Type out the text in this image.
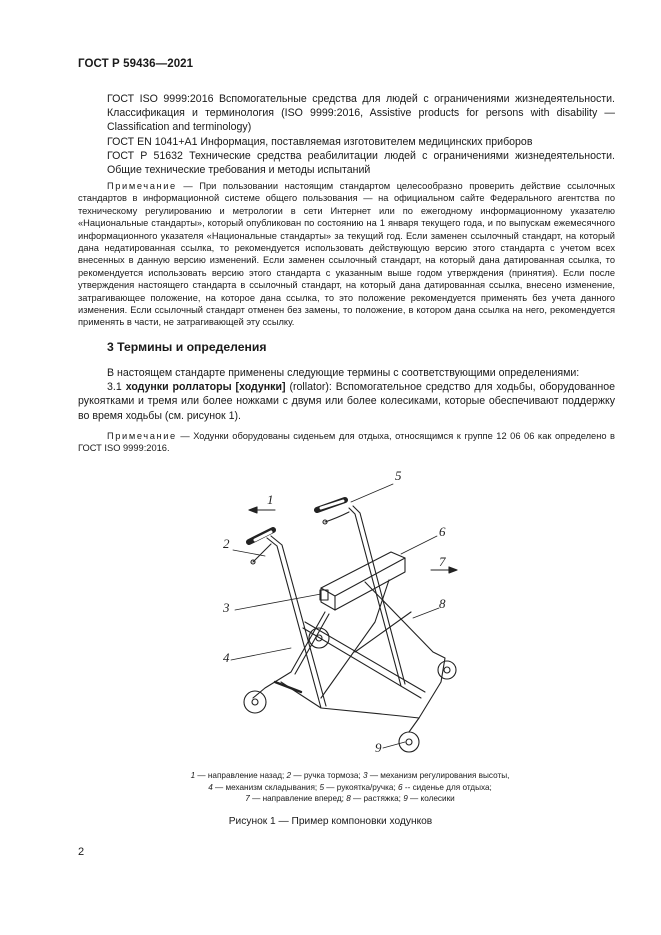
ГОСТ Р 59436—2021

ГОСТ ISO 9999:2016 Вспомогательные средства для людей с ограничениями жизнедеятельности. Классификация и терминология (ISO 9999:2016, Assistive products for persons with disability — Classification and terminology)

ГОСТ EN 1041+A1 Информация, поставляемая изготовителем медицинских приборов

ГОСТ Р 51632 Технические средства реабилитации людей с ограничениями жизнедеятельности. Общие технические требования и методы испытаний

Примечание — При пользовании настоящим стандартом целесообразно проверить действие ссылочных стандартов в информационной системе общего пользования — на официальном сайте Федерального агентства по техническому регулированию и метрологии в сети Интернет или по ежегодному информационному указателю «Национальные стандарты», который опубликован по состоянию на 1 января текущего года, и по выпускам ежемесячного информационного указателя «Национальные стандарты» за текущий год. Если заменен ссылочный стандарт, на который дана недатированная ссылка, то рекомендуется использовать действующую версию этого стандарта с учетом всех внесенных в данную версию изменений. Если заменен ссылочный стандарт, на который дана датированная ссылка, то рекомендуется использовать версию этого стандарта с указанным выше годом утверждения (принятия). Если после утверждения настоящего стандарта в ссылочный стандарт, на который дана датированная ссылка, внесено изменение, затрагивающее положение, на которое дана ссылка, то это положение рекомендуется применять без учета данного изменения. Если ссылочный стандарт отменен без замены, то положение, в котором дана ссылка на него, рекомендуется применять в части, не затрагивающей эту ссылку.
3 Термины и определения

В настоящем стандарте применены следующие термины с соответствующими определениями:

3.1 ходунки роллаторы [ходунки] (rollator): Вспомогательное средство для ходьбы, оборудованное рукоятками и тремя или более ножками с двумя или более колесиками, которые обеспечивают поддержку во время ходьбы (см. рисунок 1).

Примечание — Ходунки оборудованы сиденьем для отдыха, относящимся к группе 12 06 06 как определено в ГОСТ ISO 9999:2016.
1
2
3
4
5
6
7
8
9
1 — направление назад; 2 — ручка тормоза; 3 — механизм регулирования высоты,
4 — механизм складывания; 5 — рукоятка/ручка; 6 -- сиденье для отдыха;
7 — направление вперед; 8 — растяжка; 9 — колесики
Рисунок 1 — Пример компоновки ходунков
2
